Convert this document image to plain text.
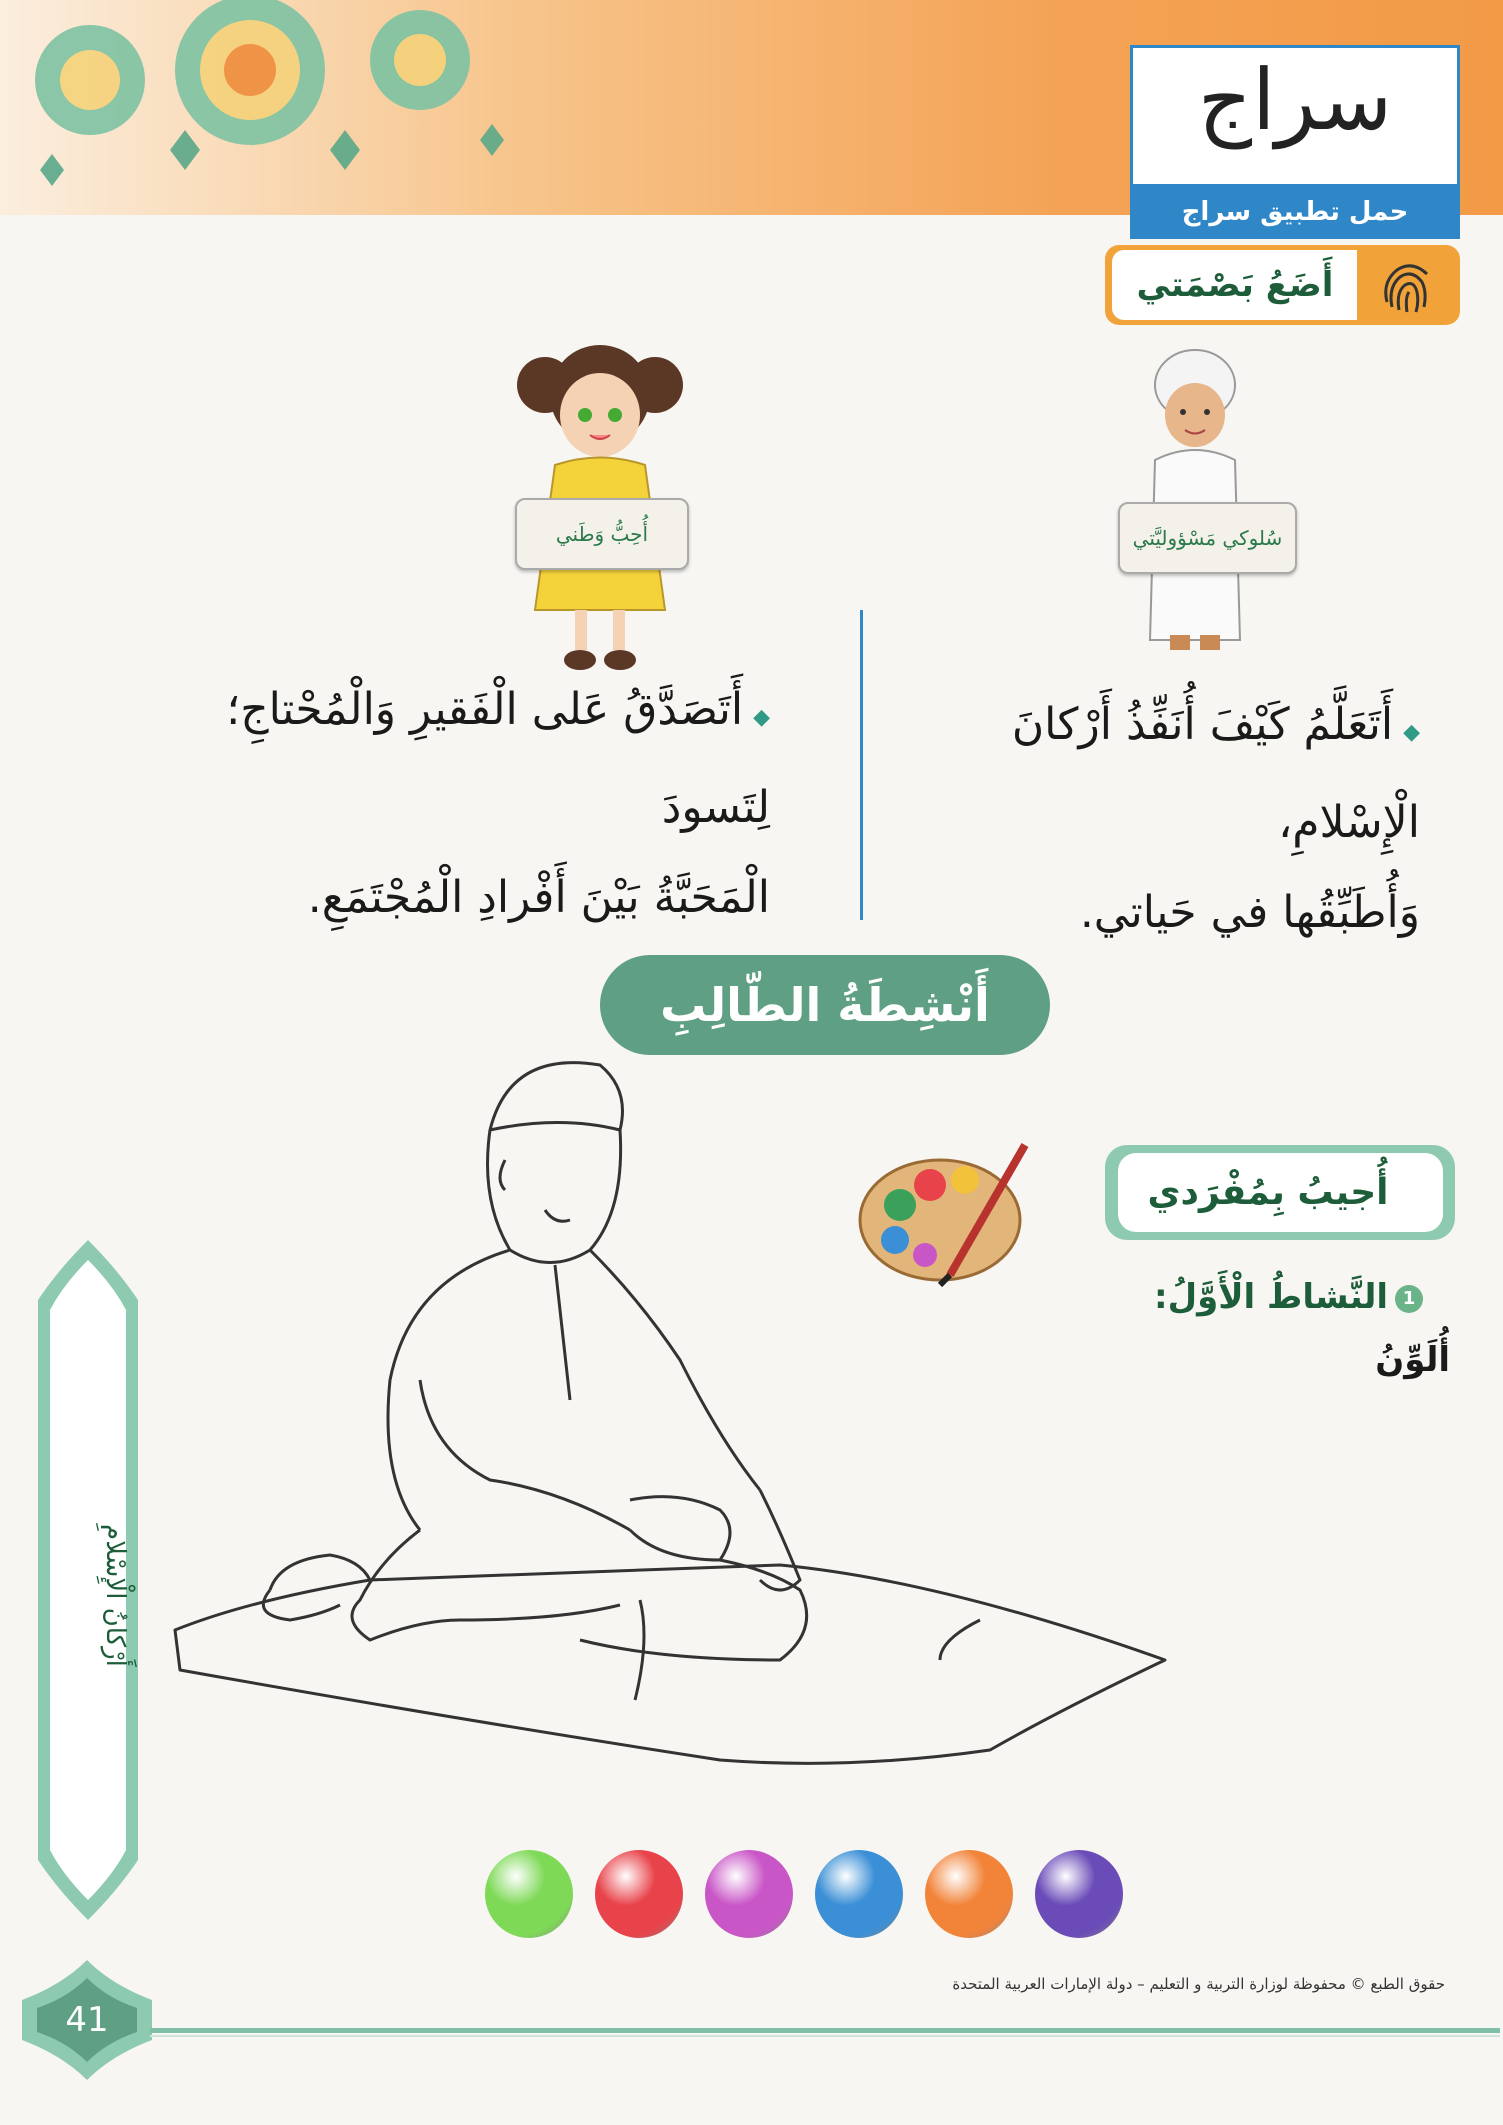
سراج
حمل تطبيق سراج
أَضَعُ بَصْمَتي
سُلوكي مَسْؤوليَّتي
أُحِبُّ وَطَني
◆أَتَعَلَّمُ كَيْفَ أُنَفِّذُ أَرْكانَ الْإِسْلامِ،
وَأُطَبِّقُها في حَياتي.
◆أَتَصَدَّقُ عَلى الْفَقيرِ وَالْمُحْتاجِ؛ لِتَسودَ
الْمَحَبَّةُ بَيْنَ أَفْرادِ الْمُجْتَمَعِ.
أَنْشِطَةُ الطّالِبِ
أُجيبُ بِمُفْرَدي
1
النَّشاطُ الْأَوَّلُ:
أُلَوِّنُ
أَرْكانُ الْإِسْلامِ
41
حقوق الطبع © محفوظة لوزارة التربية و التعليم – دولة الإمارات العربية المتحدة
